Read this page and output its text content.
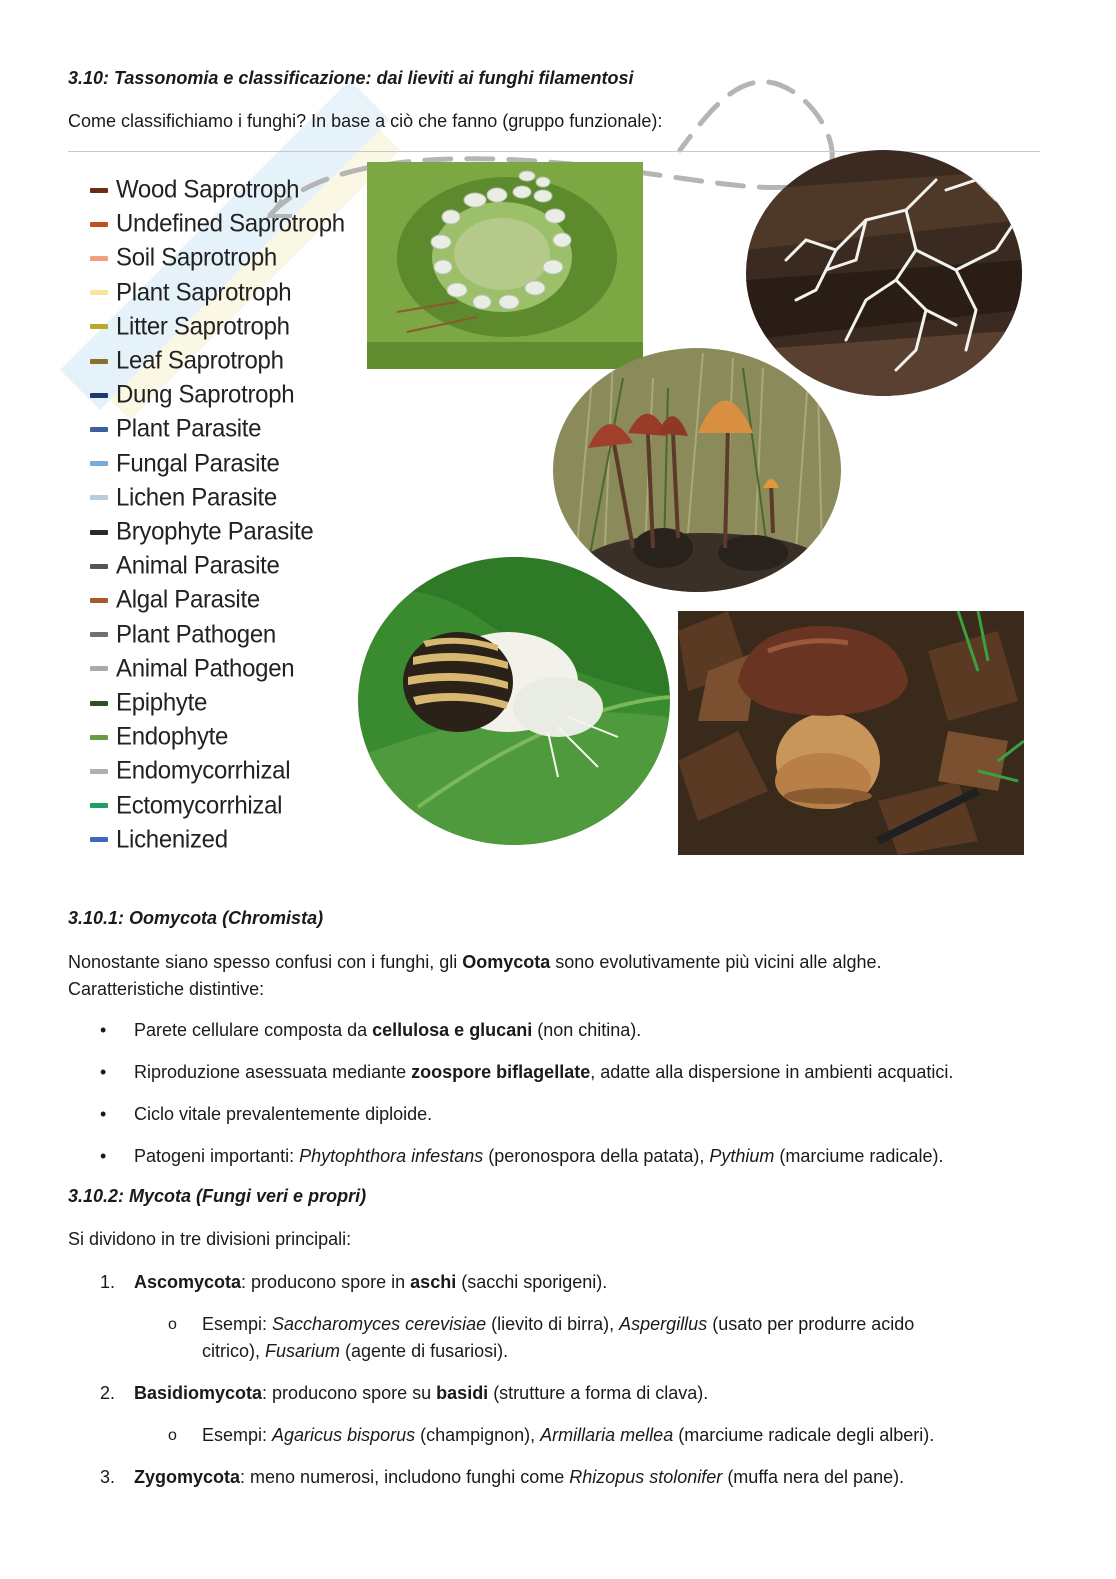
3.10: Tassonomia e classificazione: dai lieviti ai funghi filamentosi
Come classifichiamo i funghi? In base a ciò che fanno (gruppo funzionale):
Wood Saprotroph
Undefined Saprotroph
Soil Saprotroph
Plant Saprotroph
Litter Saprotroph
Leaf Saprotroph
Dung Saprotroph
Plant Parasite
Fungal Parasite
Lichen Parasite
Bryophyte Parasite
Animal Parasite
Algal Parasite
Plant Pathogen
Animal Pathogen
Epiphyte
Endophyte
Endomycorrhizal
Ectomycorrhizal
Lichenized
3.10.1: Oomycota (Chromista)
Nonostante siano spesso confusi con i funghi, gli Oomycota sono evolutivamente più vicini alle alghe.
Caratteristiche distintive:
• Parete cellulare composta da cellulosa e glucani (non chitina).
• Riproduzione asessuata mediante zoospore biflagellate, adatte alla dispersione in ambienti acquatici.
• Ciclo vitale prevalentemente diploide.
• Patogeni importanti: Phytophthora infestans (peronospora della patata), Pythium (marciume radicale).
3.10.2: Mycota (Fungi veri e propri)
Si dividono in tre divisioni principali:
1. Ascomycota: producono spore in aschi (sacchi sporigeni).
o Esempi: Saccharomyces cerevisiae (lievito di birra), Aspergillus (usato per produrre acido
citrico), Fusarium (agente di fusariosi).
2. Basidiomycota: producono spore su basidi (strutture a forma di clava).
o Esempi: Agaricus bisporus (champignon), Armillaria mellea (marciume radicale degli alberi).
3. Zygomycota: meno numerosi, includono funghi come Rhizopus stolonifer (muffa nera del pane).
